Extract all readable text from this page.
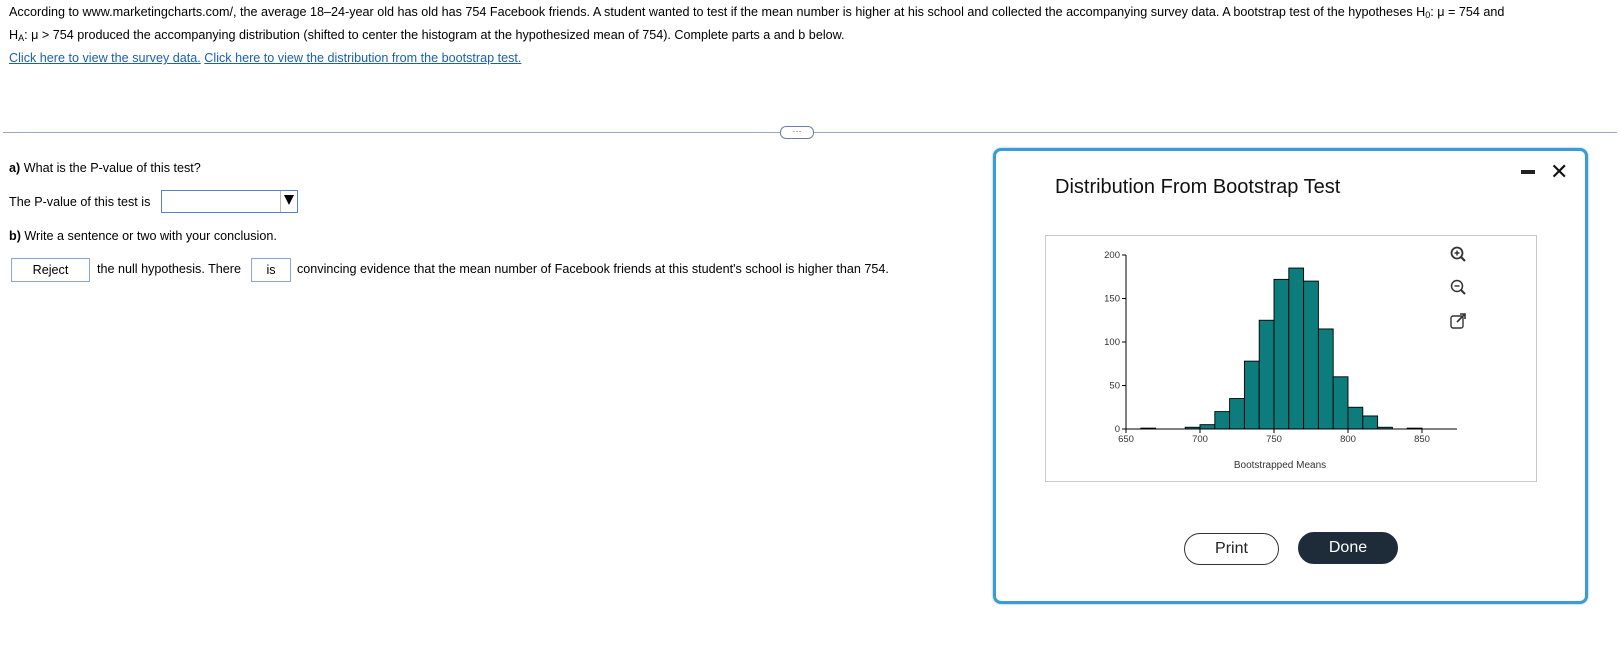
According to www.marketingcharts.com/, the average 18–24-year old has old has 754 Facebook friends. A student wanted to test if the mean number is higher at his school and collected the accompanying survey data. A bootstrap test of the hypotheses $H_0$: μ = 754 and
$H_A$: μ > 754 produced the accompanying distribution (shifted to center the histogram at the hypothesized mean of 754). Complete parts a and b below.
Click here to view the survey data. Click here to view the distribution from the bootstrap test.
···
a) What is the P-value of this test?
The P-value of this test is
b) Write a sentence or two with your conclusion.
Reject	the null hypothesis. There	is	convincing evidence that the mean number of Facebook friends at this student's school is higher than 754.
Distribution From Bootstrap Test
✕
0
50
100
150
200
650	700	750	800	850
Bootstrapped Means
Print	Done
